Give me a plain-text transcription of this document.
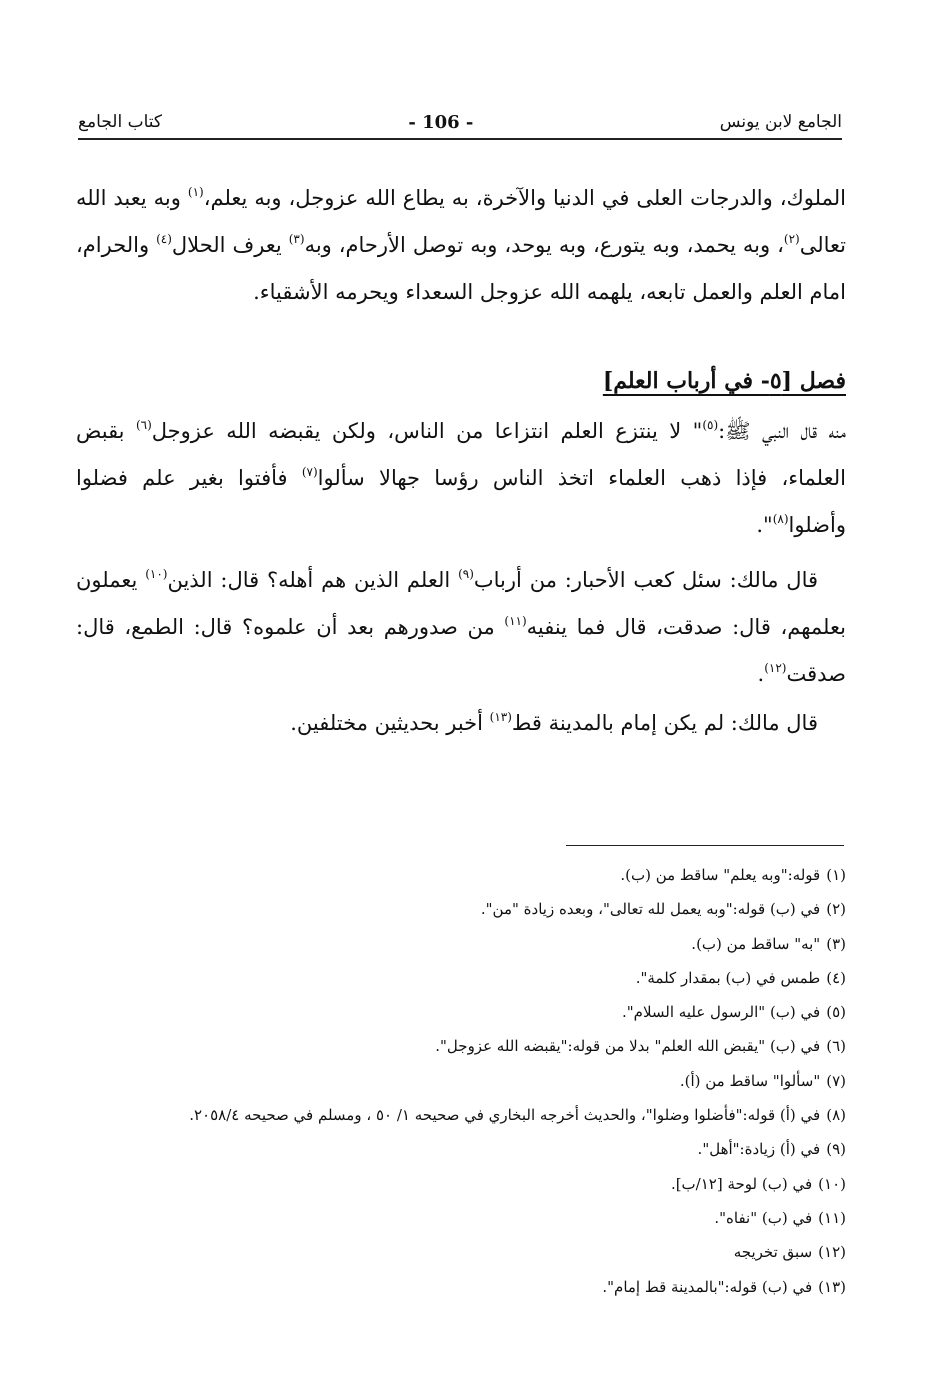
الجامع لابن يونس
- 106 -
كتاب الجامع

الملوك، والدرجات العلى في الدنيا والآخرة، به يطاع الله عزوجل، وبه يعلم،$^{(١)}$ وبه يعبد الله تعالى$^{(٢)}$، وبه يحمد، وبه يتورع، وبه يوحد، وبه توصل الأرحام، وبه$^{(٣)}$ يعرف الحلال$^{(٤)}$ والحرام، امام العلم والعمل تابعه، يلهمه الله عزوجل السعداء ويحرمه الأشقياء.

فصل [٥- في أرباب العلم]

منه قال النبي ﷺ:$^{(٥)}$" لا ينتزع العلم انتزاعا من الناس، ولكن يقبضه الله عزوجل$^{(٦)}$ بقبض العلماء، فإذا ذهب العلماء اتخذ الناس رؤسا جهالا سألوا$^{(٧)}$ فأفتوا بغير علم فضلوا وأضلوا$^{(٨)}$".

قال مالك: سئل كعب الأحبار: من أرباب$^{(٩)}$ العلم الذين هم أهله؟ قال: الذين$^{(١٠)}$ يعملون بعلمهم، قال: صدقت، قال فما ينفيه$^{(١١)}$ من صدورهم بعد أن علموه؟ قال: الطمع، قال: صدقت$^{(١٢)}$.

قال مالك: لم يكن إمام بالمدينة قط$^{(١٣)}$ أخبر بحديثين مختلفين.

(١)قوله:"وبه يعلم" ساقط من (ب).
(٢)في (ب) قوله:"وبه يعمل لله تعالى"، وبعده زيادة "من".
(٣)"به" ساقط من (ب).
(٤)طمس في (ب) بمقدار كلمة".
(٥)في (ب) "الرسول عليه السلام".
(٦)في (ب) "يقبض الله العلم" بدلا من قوله:"يقبضه الله عزوجل".
(٧)"سألوا" ساقط من (أ).
(٨)في (أ) قوله:"فأضلوا وضلوا"، والحديث أخرجه البخاري في صحيحه ١/ ٥٠ ، ومسلم في صحيحه ٢٠٥٨/٤.
(٩)في (أ) زيادة:"أهل".
(١٠)في (ب) لوحة [١٢/ب].
(١١)في (ب) "نفاه".
(١٢)سبق تخريجه
(١٣)في (ب) قوله:"بالمدينة قط إمام".
